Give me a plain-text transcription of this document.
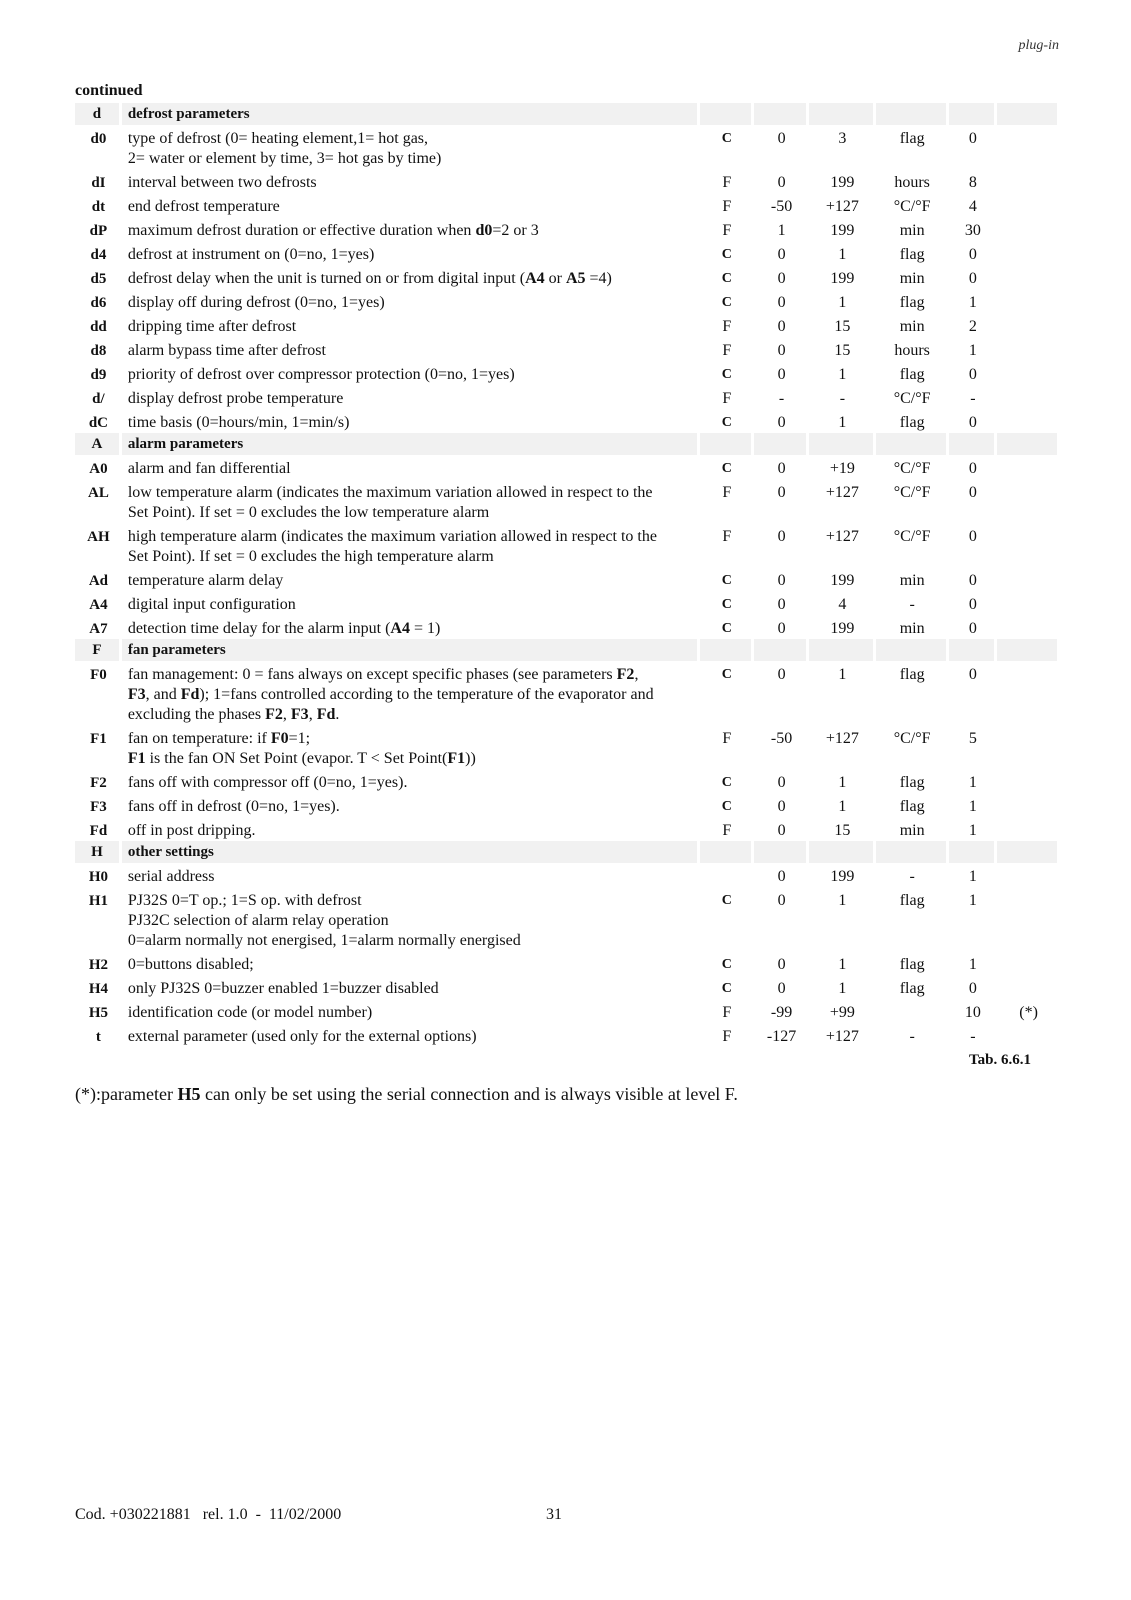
plug-in
continued
d	defrost parameters						
d0	type of defrost (0= heating element,1= hot gas,
2= water or element by time, 3= hot gas by time)	C	0	3	flag	0	
dI	interval between two defrosts	F	0	199	hours	8	
dt	end defrost temperature	F	-50	+127	°C/°F	4	
dP	maximum defrost duration or effective duration when d0=2 or 3	F	1	199	min	30	
d4	defrost at instrument on (0=no, 1=yes)	C	0	1	flag	0	
d5	defrost delay when the unit is turned on or from digital input (A4 or A5 =4)	C	0	199	min	0	
d6	display off during defrost (0=no, 1=yes)	C	0	1	flag	1	
dd	dripping time after defrost	F	0	15	min	2	
d8	alarm bypass time after defrost	F	0	15	hours	1	
d9	priority of defrost over compressor protection (0=no, 1=yes)	C	0	1	flag	0	
d/	display defrost probe temperature	F	-	-	°C/°F	-	
dC	time basis (0=hours/min, 1=min/s)	C	0	1	flag	0	
A	alarm parameters						
A0	alarm and fan differential	C	0	+19	°C/°F	0	
AL	low temperature alarm (indicates the maximum variation allowed in respect to the
Set Point). If set = 0 excludes the low temperature alarm	F	0	+127	°C/°F	0	
AH	high temperature alarm (indicates the maximum variation allowed in respect to the
Set Point). If set = 0 excludes the high temperature alarm	F	0	+127	°C/°F	0	
Ad	temperature alarm delay	C	0	199	min	0	
A4	digital input configuration	C	0	4	-	0	
A7	detection time delay for the alarm input (A4 = 1)	C	0	199	min	0	
F	fan parameters						
F0	fan management: 0 = fans always on except specific phases (see parameters F2,
F3, and Fd); 1=fans controlled according to the temperature of the evaporator and
excluding the phases F2, F3, Fd.	C	0	1	flag	0	
F1	fan on temperature: if F0=1;
F1 is the fan ON Set Point (evapor. T < Set Point(F1))	F	-50	+127	°C/°F	5	
F2	fans off with compressor off (0=no, 1=yes).	C	0	1	flag	1	
F3	fans off in defrost (0=no, 1=yes).	C	0	1	flag	1	
Fd	off in post dripping.	F	0	15	min	1	
H	other settings						
H0	serial address		0	199	-	1	
H1	PJ32S 0=T op.; 1=S op. with defrost
PJ32C selection of alarm relay operation
0=alarm normally not energised, 1=alarm normally energised	C	0	1	flag	1	
H2	0=buttons disabled;	C	0	1	flag	1	
H4	only PJ32S 0=buzzer enabled 1=buzzer disabled	C	0	1	flag	0	
H5	identification code (or model number)	F	-99	+99		10	(*)
t	external parameter (used only for the external options)	F	-127	+127	-	-	
Tab. 6.6.1
(*):parameter H5 can only be set using the serial connection and is always visible at level F.
Cod. +030221881   rel. 1.0  -  11/02/2000	31
